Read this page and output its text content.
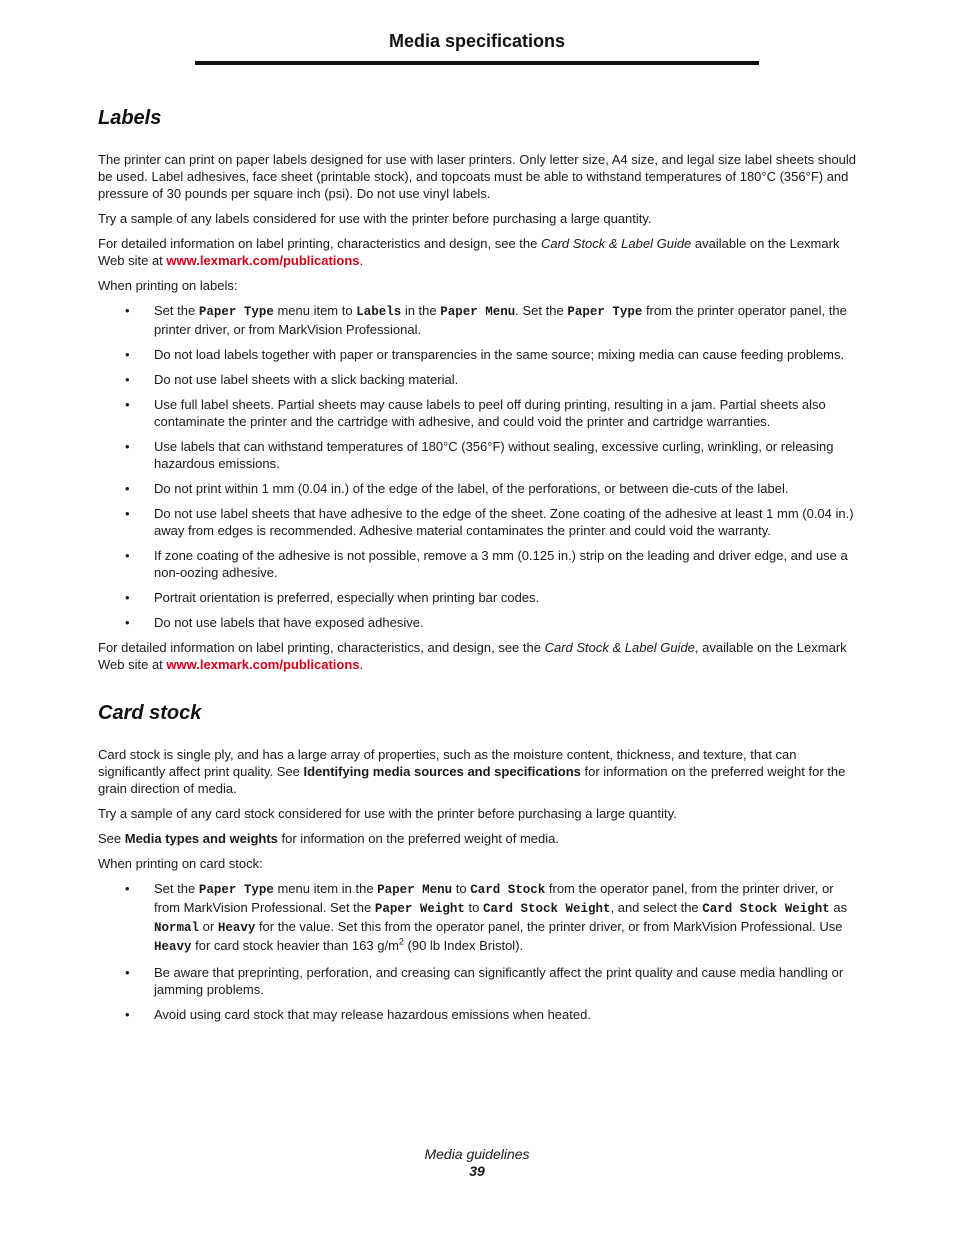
Media specifications
Labels

The printer can print on paper labels designed for use with laser printers. Only letter size, A4 size, and legal size label sheets should be used. Label adhesives, face sheet (printable stock), and topcoats must be able to withstand temperatures of 180°C (356°F) and pressure of 30 pounds per square inch (psi). Do not use vinyl labels.

Try a sample of any labels considered for use with the printer before purchasing a large quantity.

For detailed information on label printing, characteristics and design, see the Card Stock & Label Guide available on the Lexmark Web site at www.lexmark.com/publications.

When printing on labels:

• Set the Paper Type menu item to Labels in the Paper Menu. Set the Paper Type from the printer operator panel, the printer driver, or from MarkVision Professional.
• Do not load labels together with paper or transparencies in the same source; mixing media can cause feeding problems.
• Do not use label sheets with a slick backing material.
• Use full label sheets. Partial sheets may cause labels to peel off during printing, resulting in a jam. Partial sheets also contaminate the printer and the cartridge with adhesive, and could void the printer and cartridge warranties.
• Use labels that can withstand temperatures of 180°C (356°F) without sealing, excessive curling, wrinkling, or releasing hazardous emissions.
• Do not print within 1 mm (0.04 in.) of the edge of the label, of the perforations, or between die-cuts of the label.
• Do not use label sheets that have adhesive to the edge of the sheet. Zone coating of the adhesive at least 1 mm (0.04 in.) away from edges is recommended. Adhesive material contaminates the printer and could void the warranty.
• If zone coating of the adhesive is not possible, remove a 3 mm (0.125 in.) strip on the leading and driver edge, and use a non-oozing adhesive.
• Portrait orientation is preferred, especially when printing bar codes.
• Do not use labels that have exposed adhesive.

For detailed information on label printing, characteristics, and design, see the Card Stock & Label Guide, available on the Lexmark Web site at www.lexmark.com/publications.

Card stock

Card stock is single ply, and has a large array of properties, such as the moisture content, thickness, and texture, that can significantly affect print quality. See Identifying media sources and specifications for information on the preferred weight for the grain direction of media.

Try a sample of any card stock considered for use with the printer before purchasing a large quantity.

See Media types and weights for information on the preferred weight of media.

When printing on card stock:

• Set the Paper Type menu item in the Paper Menu to Card Stock from the operator panel, from the printer driver, or from MarkVision Professional. Set the Paper Weight to Card Stock Weight, and select the Card Stock Weight as Normal or Heavy for the value. Set this from the operator panel, the printer driver, or from MarkVision Professional. Use Heavy for card stock heavier than 163 $g/m^2$ (90 lb Index Bristol).
• Be aware that preprinting, perforation, and creasing can significantly affect the print quality and cause media handling or jamming problems.
• Avoid using card stock that may release hazardous emissions when heated.
Media guidelines
39
